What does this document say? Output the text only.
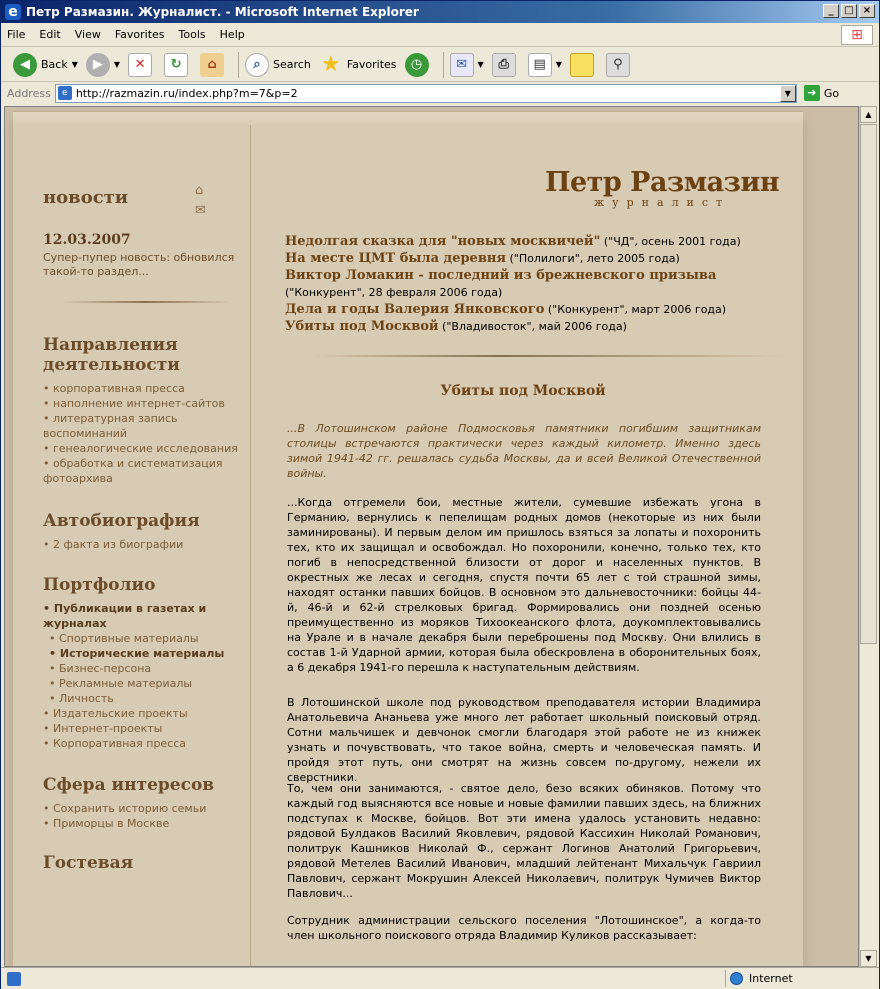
e Петр Размазин. Журналист. - Microsoft Internet Explorer	_	□ ×
File Edit View Favorites Tools Help	⊞
◀	Back ▼	▶	▼	✕	↻	⌂	⌕	Search ★ Favorites	◷	✉	▼	⎙	▤	▼	⚲
Address	e http://razmazin.ru/index.php?m=7&p=2	▼	➜ Go
новости	⌂
✉
12.03.2007
Супер-пупер новость: обновился такой-то раздел...
Направления деятельности
• корпоративная пресса
• наполнение интернет-сайтов
• литературная запись воспоминаний
• генеалогические исследования
• обработка и систематизация фотоархива
Автобиография
• 2 факта из биографии
Портфолио
• Публикации в газетах и журналах
• Спортивные материалы
• Исторические материалы
• Бизнес-персона
• Рекламные материалы
• Личность
• Издательские проекты
• Интернет-проекты
• Корпоративная пресса
Сфера интересов
• Сохранить историю семьи
• Приморцы в Москве
Гостевая
Петр Размазин
журналист
Недолгая сказка для "новых москвичей" ("ЧД", осень 2001 года)
На месте ЦМТ была деревня ("Полилоги", лето 2005 года)
Виктор Ломакин - последний из брежневского призыва
("Конкурент", 28 февраля 2006 года)
Дела и годы Валерия Янковского ("Конкурент", март 2006 года)
Убиты под Москвой ("Владивосток", май 2006 года)
Убиты под Москвой
...В Лотошинском районе Подмосковья памятники погибшим защитникам столицы встречаются практически через каждый километр. Именно здесь зимой 1941-42 гг. решалась судьба Москвы, да и всей Великой Отечественной войны.
...Когда отгремели бои, местные жители, сумевшие избежать угона в Германию, вернулись к пепелищам родных домов (некоторые из них были заминированы). И первым делом им пришлось взяться за лопаты и похоронить тех, кто их защищал и освобождал. Но похоронили, конечно, только тех, кто погиб в непосредственной близости от дорог и населенных пунктов. В окрестных же лесах и сегодня, спустя почти 65 лет с той страшной зимы, находят останки павших бойцов. В основном это дальневосточники: бойцы 44-й, 46-й и 62-й стрелковых бригад. Формировались они поздней осенью преимущественно из моряков Тихоокеанского флота, доукомплектовывались на Урале и в начале декабря были переброшены под Москву. Они влились в состав 1-й Ударной армии, которая была обескровлена в оборонительных боях, а 6 декабря 1941-го перешла к наступательным действиям.
В Лотошинской школе под руководством преподавателя истории Владимира Анатольевича Ананьева уже много лет работает школьный поисковый отряд. Сотни мальчишек и девчонок смогли благодаря этой работе не из книжек узнать и почувствовать, что такое война, смерть и человеческая память. И пройдя этот путь, они смотрят на жизнь совсем по-другому, нежели их сверстники.
То, чем они занимаются, - святое дело, безо всяких обиняков. Потому что каждый год выясняются все новые и новые фамилии павших здесь, на ближних подступах к Москве, бойцов. Вот эти имена удалось установить недавно: рядовой Булдаков Василий Яковлевич, рядовой Кассихин Николай Романович, политрук Кашников Николай Ф., сержант Логинов Анатолий Григорьевич, рядовой Метелев Василий Иванович, младший лейтенант Михальчук Гавриил Павлович, сержант Мокрушин Алексей Николаевич, политрук Чумичев Виктор Павлович...
Сотрудник администрации сельского поселения "Лотошинское", а когда-то член школьного поискового отряда Владимир Куликов рассказывает:
▲
▼
Internet
